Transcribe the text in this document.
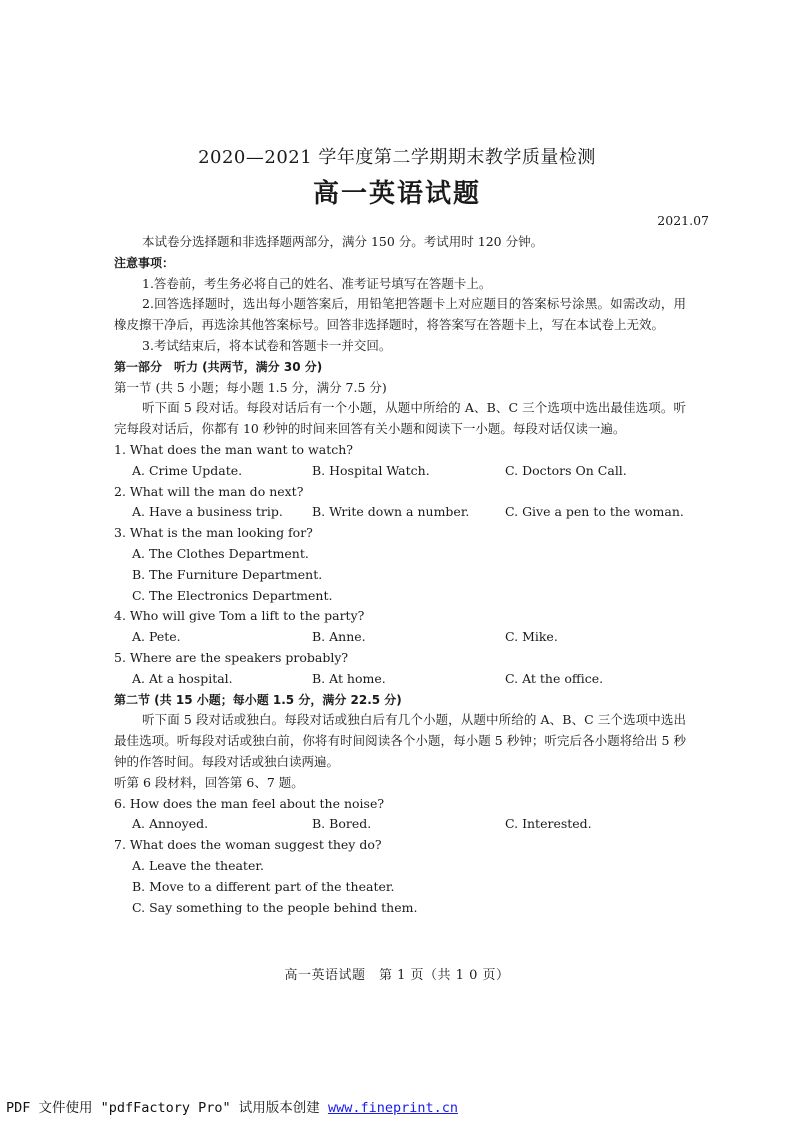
2020—2021 学年度第二学期期末教学质量检测
高一英语试题
2021.07
本试卷分选择题和非选择题两部分，满分 150 分。考试用时 120 分钟。
注意事项：
1.答卷前，考生务必将自己的姓名、准考证号填写在答题卡上。
2.回答选择题时，选出每小题答案后，用铅笔把答题卡上对应题目的答案标号涂黑。如需改动，用橡皮擦干净后，再选涂其他答案标号。回答非选择题时，将答案写在答题卡上，写在本试卷上无效。
3.考试结束后，将本试卷和答题卡一并交回。
第一部分　听力 (共两节，满分 30 分)
第一节 (共 5 小题；每小题 1.5 分，满分 7.5 分)
听下面 5 段对话。每段对话后有一个小题，从题中所给的 A、B、C 三个选项中选出最佳选项。听完每段对话后，你都有 10 秒钟的时间来回答有关小题和阅读下一小题。每段对话仅读一遍。
1. What does the man want to watch?
A. Crime Update.	B. Hospital Watch.	C. Doctors On Call.
2. What will the man do next?
A. Have a business trip.	B. Write down a number.	C. Give a pen to the woman.
3. What is the man looking for?
A. The Clothes Department.
B. The Furniture Department.
C. The Electronics Department.
4. Who will give Tom a lift to the party?
A. Pete.	B. Anne.	C. Mike.
5. Where are the speakers probably?
A. At a hospital.	B. At home.	C. At the office.
第二节 (共 15 小题；每小题 1.5 分，满分 22.5 分)
听下面 5 段对话或独白。每段对话或独白后有几个小题，从题中所给的 A、B、C 三个选项中选出最佳选项。听每段对话或独白前，你将有时间阅读各个小题，每小题 5 秒钟；听完后各小题将给出 5 秒钟的作答时间。每段对话或独白读两遍。
听第 6 段材料，回答第 6、7 题。
6. How does the man feel about the noise?
A. Annoyed.	B. Bored.	C. Interested.
7. What does the woman suggest they do?
A. Leave the theater.
B. Move to a different part of the theater.
C. Say something to the people behind them.
高一英语试题　第 1 页（共 1 0 页）
PDF 文件使用 "pdfFactory Pro" 试用版本创建 www.fineprint.cn
